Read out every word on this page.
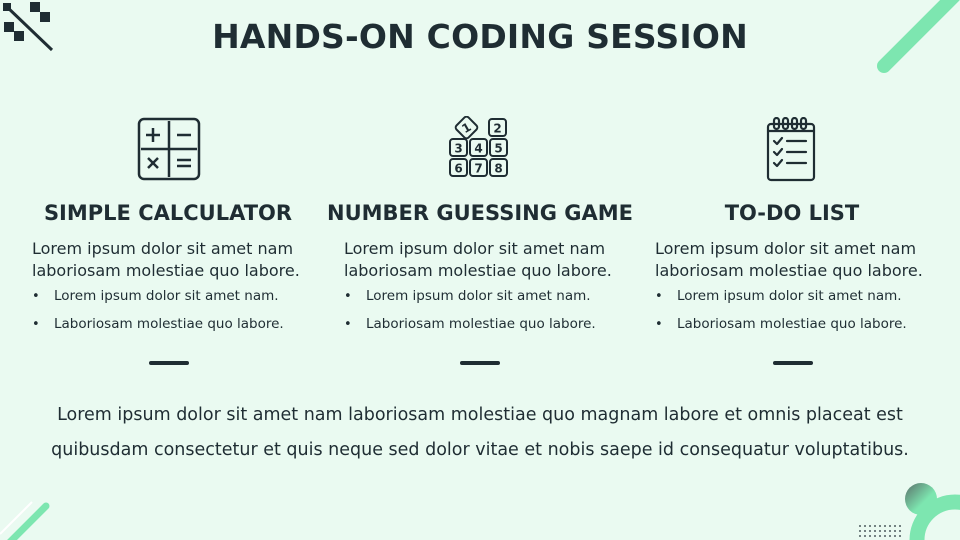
HANDS-ON CODING SESSION
SIMPLE CALCULATOR
Lorem ipsum dolor sit amet nam
laboriosam molestiae quo labore.
• Lorem ipsum dolor sit amet nam.
• Laboriosam molestiae quo labore.
1 2
3 4 5
6 7 8
NUMBER GUESSING GAME
Lorem ipsum dolor sit amet nam
laboriosam molestiae quo labore.
• Lorem ipsum dolor sit amet nam.
• Laboriosam molestiae quo labore.
TO-DO LIST
Lorem ipsum dolor sit amet nam
laboriosam molestiae quo labore.
• Lorem ipsum dolor sit amet nam.
• Laboriosam molestiae quo labore.
Lorem ipsum dolor sit amet nam laboriosam molestiae quo magnam labore et omnis placeat est
quibusdam consectetur et quis neque sed dolor vitae et nobis saepe id consequatur voluptatibus.
